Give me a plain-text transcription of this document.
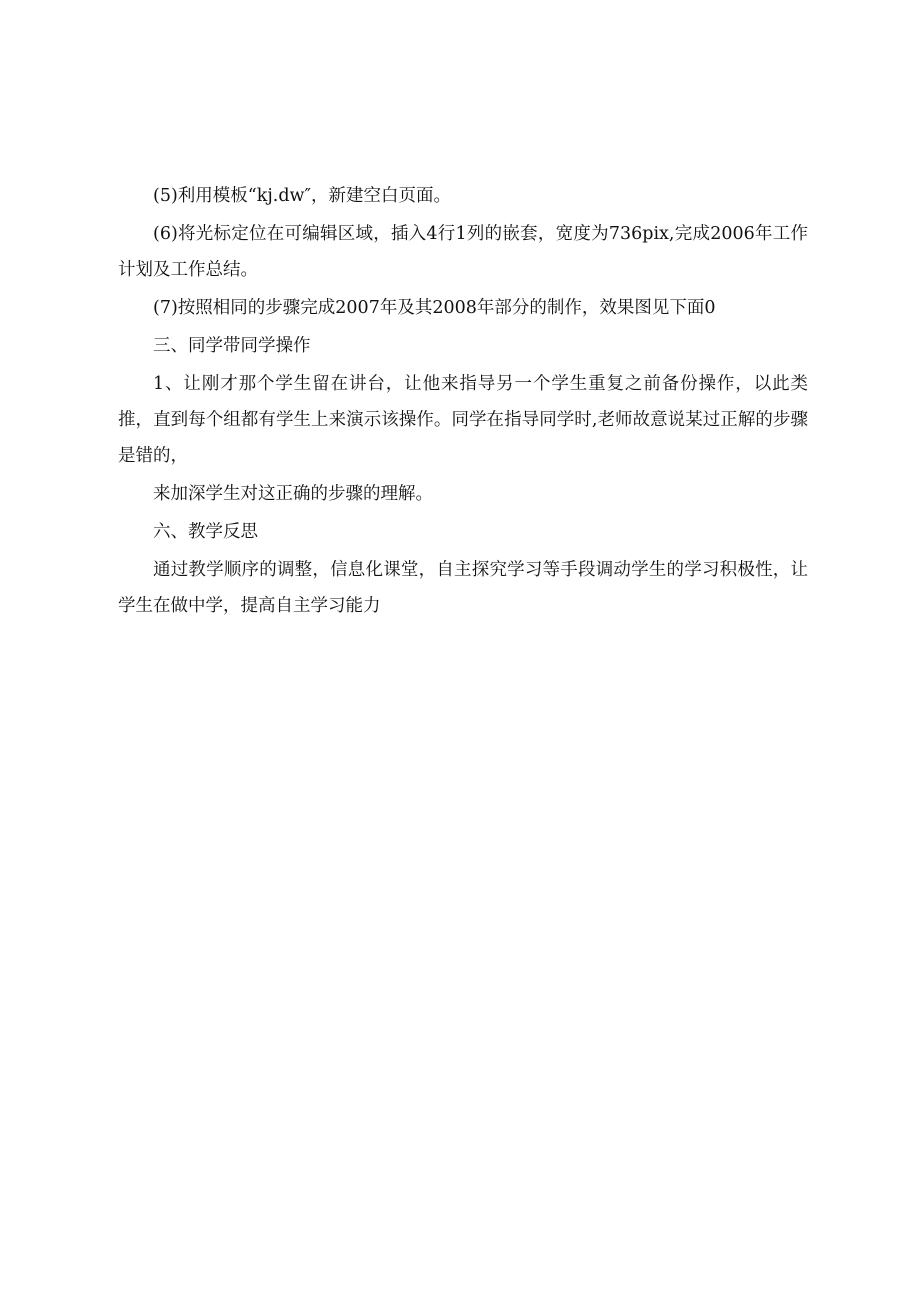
(5)利用模板“kj.dw″，新建空白页面。

(6)将光标定位在可编辑区域，插入4行1列的嵌套，宽度为736pix,完成2006年工作计划及工作总结。

(7)按照相同的步骤完成2007年及其2008年部分的制作，效果图见下面0

三、同学带同学操作

1、让刚才那个学生留在讲台，让他来指导另一个学生重复之前备份操作，以此类推，直到每个组都有学生上来演示该操作。同学在指导同学时,老师故意说某过正解的步骤是错的，

来加深学生对这正确的步骤的理解。

六、教学反思

通过教学顺序的调整，信息化课堂，自主探究学习等手段调动学生的学习积极性，让学生在做中学，提高自主学习能力
